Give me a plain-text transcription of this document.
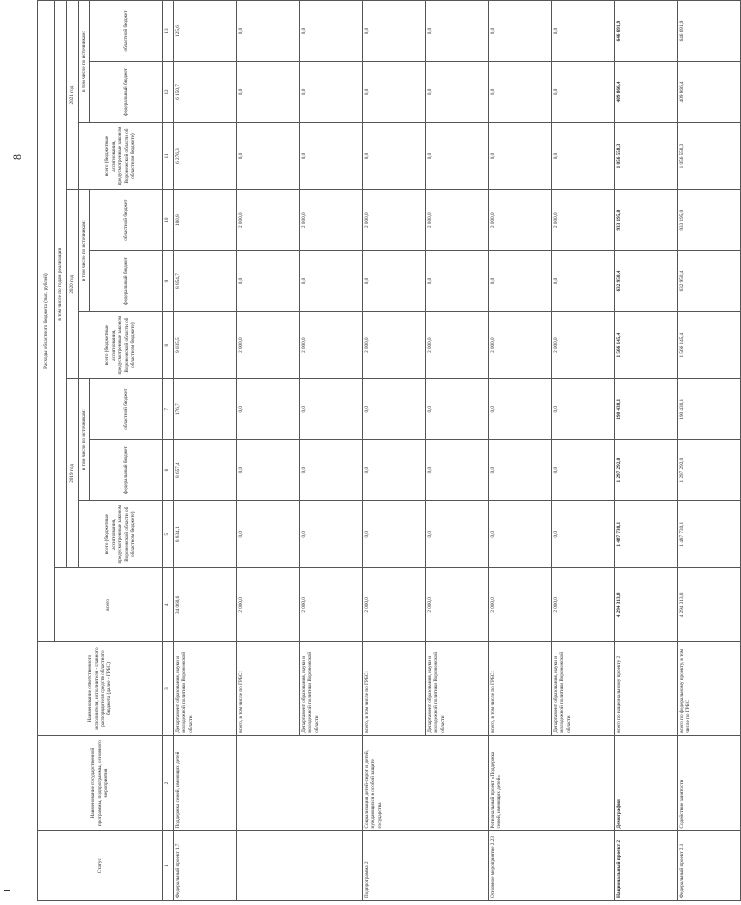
8
Статус	Наименование государственной программы, подпрограммы, основного мероприятия	Наименование ответственного исполнителя, исполнителя - главного распорядителя средств областного бюджета (далее - ГРБС)	Расходы областного бюджета (тыс. рублей)									
			всего	в том числе по годам реализации								
				2019 год			2020 год			2021 год		
				всего (бюджетные ассигнования, предусмотренные законом Воронежской области об областном бюджете)	в том числе по источникам:		всего (бюджетные ассигнования, предусмотренные законом Воронежской области об областном бюджете)	в том числе по источникам:		всего (бюджетные ассигнования, предусмотренные законом Воронежской области об областном бюджете)	в том числе по источникам:	
					федеральный бюджет	областной бюджет		федеральный бюджет	областной бюджет		федеральный бюджет	областной бюджет
1	2	3	4	5	6	7	8	9	10	11	12	13
Федеральный проект 1.7	Поддержка семей, имеющих детей	Департамент образования, науки и молодежной политики Воронежской области	34 060,6	8 834,1	8 657,4	176,7	9 035,5	8 854,7	180,8	6 276,3	6 150,7	125,6
		всего, в том числе по ГРБС:	2 000,0	0,0	0,0	0,0	2 000,0	0,0	2 000,0	0,0	0,0	0,0
		Департамент образования, науки и молодежной политики Воронежской области	2 000,0	0,0	0,0	0,0	2 000,0	0,0	2 000,0	0,0	0,0	0,0
Подпрограмма 2	Социализация детей-сирот и детей, нуждающихся в особой защите государства	всего, в том числе по ГРБС:	2 000,0	0,0	0,0	0,0	2 000,0	0,0	2 000,0	0,0	0,0	0,0
		Департамент образования, науки и молодежной политики Воронежской области	2 000,0	0,0	0,0	0,0	2 000,0	0,0	2 000,0	0,0	0,0	0,0
Основное мероприятие 2.23	Региональный проект «Поддержка семей, имеющих детей»	всего, в том числе по ГРБС:	2 000,0	0,0	0,0	0,0	2 000,0	0,0	2 000,0	0,0	0,0	0,0
		Департамент образования, науки и молодежной политики Воронежской области	2 000,0	0,0	0,0	0,0	2 000,0	0,0	2 000,0	0,0	0,0	0,0
Национальный проект 2	Демография	всего по национальному проекту 2	4 294 313,8	1 487 730,1	1 297 292,0	190 438,1	1 566 145,4	632 950,4	933 195,0	1 056 558,3	409 866,4	646 691,9
Федеральный проект 2.1	Содействие занятости	всего по федеральному проекту, в том числе по ГРБС	4 294 313,8	1 487 730,1	1 297 292,0	190 438,1	1 566 145,4	632 950,4	933 195,0	1 056 558,3	409 866,4	646 691,9
